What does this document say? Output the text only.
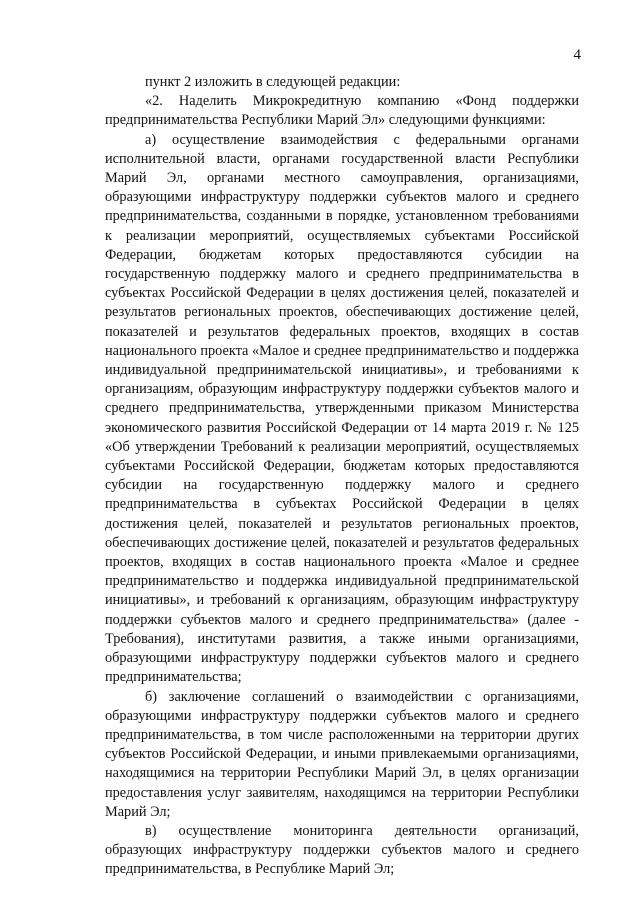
4

пункт 2 изложить в следующей редакции:

«2. Наделить Микрокредитную компанию «Фонд поддержки предпринимательства Республики Марий Эл» следующими функциями:

а) осуществление взаимодействия с федеральными органами исполнительной власти, органами государственной власти Республики Марий Эл, органами местного самоуправления, организациями, образующими инфраструктуру поддержки субъектов малого и среднего предпринимательства, созданными в порядке, установленном требованиями к реализации мероприятий, осуществляемых субъектами Российской Федерации, бюджетам которых предоставляются субсидии на государственную поддержку малого и среднего предпринимательства в субъектах Российской Федерации в целях достижения целей, показателей и результатов региональных проектов, обеспечивающих достижение целей, показателей и результатов федеральных проектов, входящих в состав национального проекта «Малое и среднее предпринимательство и поддержка индивидуальной предпринимательской инициативы», и требованиями к организациям, образующим инфраструктуру поддержки субъектов малого и среднего предпринимательства, утвержденными приказом Министерства экономического развития Российской Федерации от 14 марта 2019 г. № 125 «Об утверждении Требований к реализации мероприятий, осуществляемых субъектами Российской Федерации, бюджетам которых предоставляются субсидии на государственную поддержку малого и среднего предпринимательства в субъектах Российской Федерации в целях достижения целей, показателей и результатов региональных проектов, обеспечивающих достижение целей, показателей и результатов федеральных проектов, входящих в состав национального проекта «Малое и среднее предпринимательство и поддержка индивидуальной предпринимательской инициативы», и требований к организациям, образующим инфраструктуру поддержки субъектов малого и среднего предпринимательства» (далее - Требования), институтами развития, а также иными организациями, образующими инфраструктуру поддержки субъектов малого и среднего предпринимательства;

б) заключение соглашений о взаимодействии с организациями, образующими инфраструктуру поддержки субъектов малого и среднего предпринимательства, в том числе расположенными на территории других субъектов Российской Федерации, и иными привлекаемыми организациями, находящимися на территории Республики Марий Эл, в целях организации предоставления услуг заявителям, находящимся на территории Республики Марий Эл;

в) осуществление мониторинга деятельности организаций, образующих инфраструктуру поддержки субъектов малого и среднего предпринимательства, в Республике Марий Эл;
